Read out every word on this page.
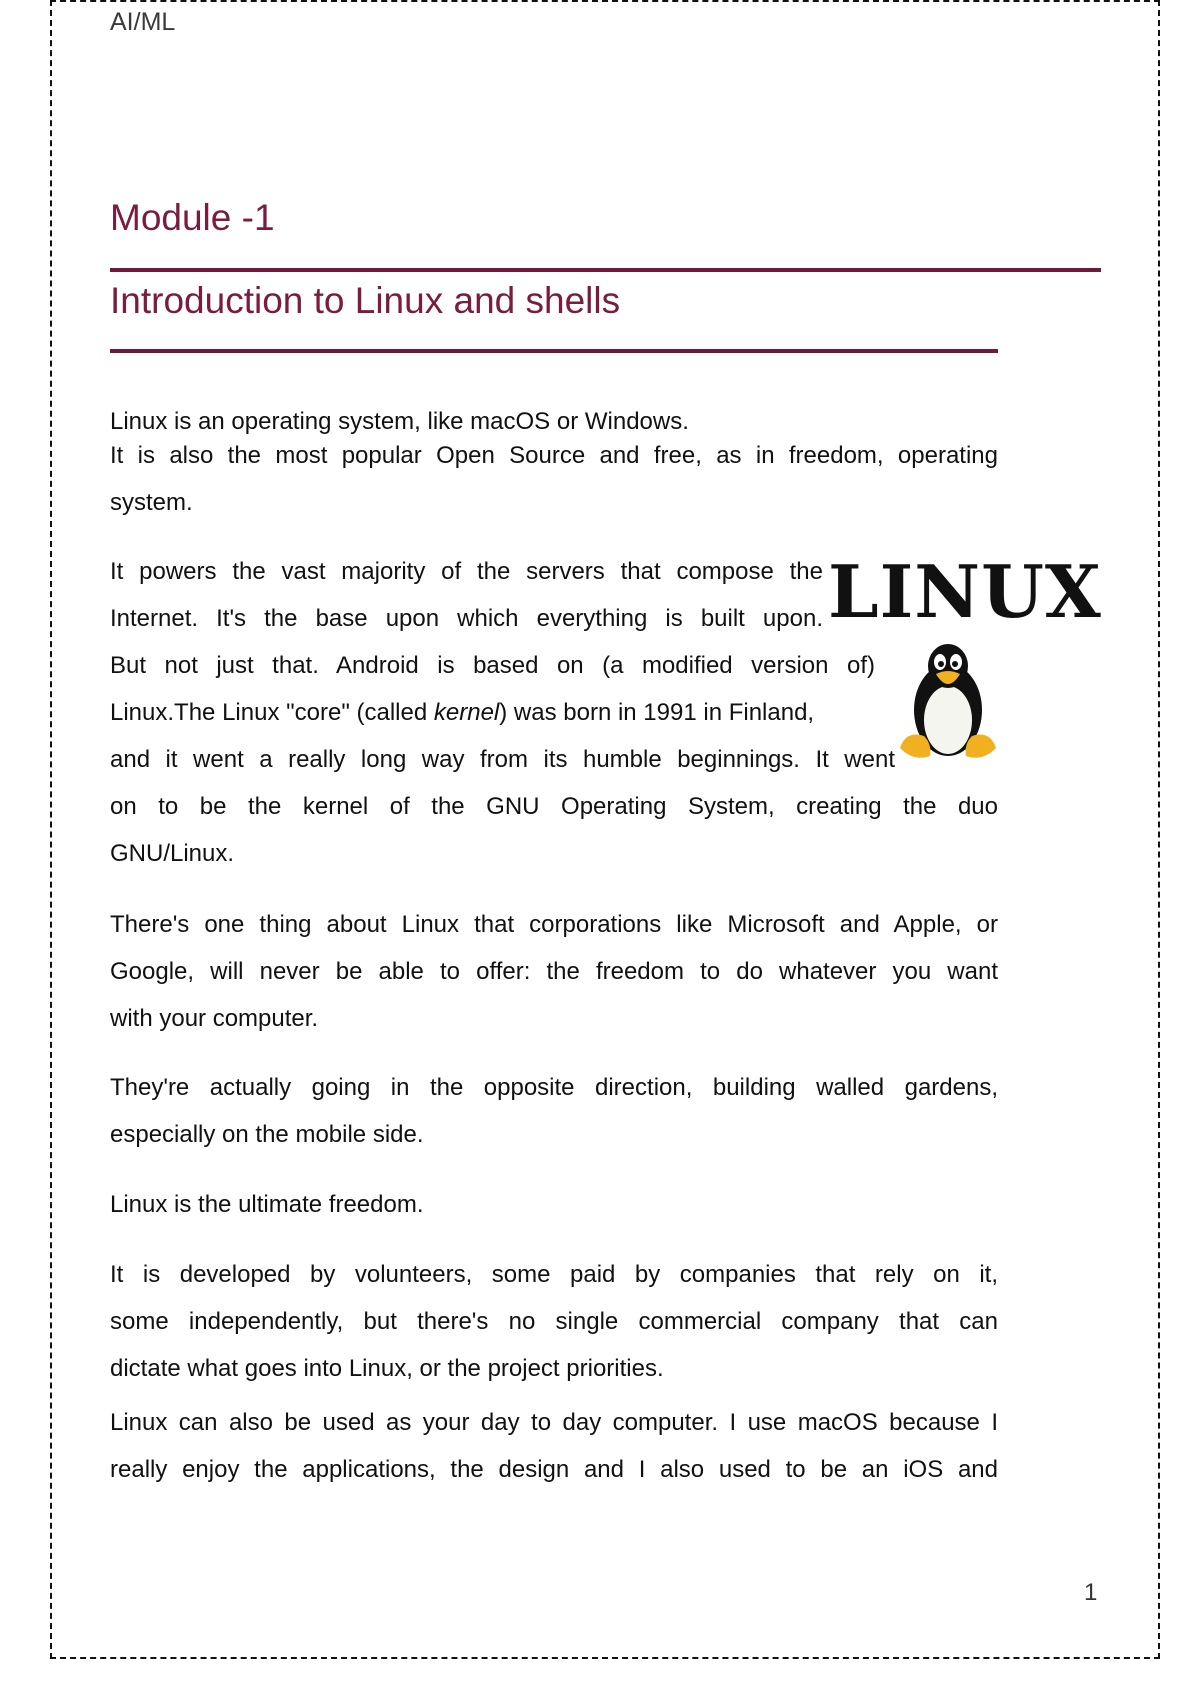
AI/ML
Module -1
Introduction to Linux and shells
Linux is an operating system, like macOS or Windows.
It is also the most popular Open Source and free, as in freedom, operating
system.
It powers the vast majority of the servers that compose the
Internet. It's the base upon which everything is built upon.
But not just that. Android is based on (a modified version of)
Linux.The Linux "core" (called kernel) was born in 1991 in Finland,
and it went a really long way from its humble beginnings. It went
on to be the kernel of the GNU Operating System, creating the duo
GNU/Linux.
LINUX
There's one thing about Linux that corporations like Microsoft and Apple, or
Google, will never be able to offer: the freedom to do whatever you want
with your computer.
They're actually going in the opposite direction, building walled gardens,
especially on the mobile side.
Linux is the ultimate freedom.
It is developed by volunteers, some paid by companies that rely on it,
some independently, but there's no single commercial company that can
dictate what goes into Linux, or the project priorities.
Linux can also be used as your day to day computer. I use macOS because I
really enjoy the applications, the design and I also used to be an iOS and
1
